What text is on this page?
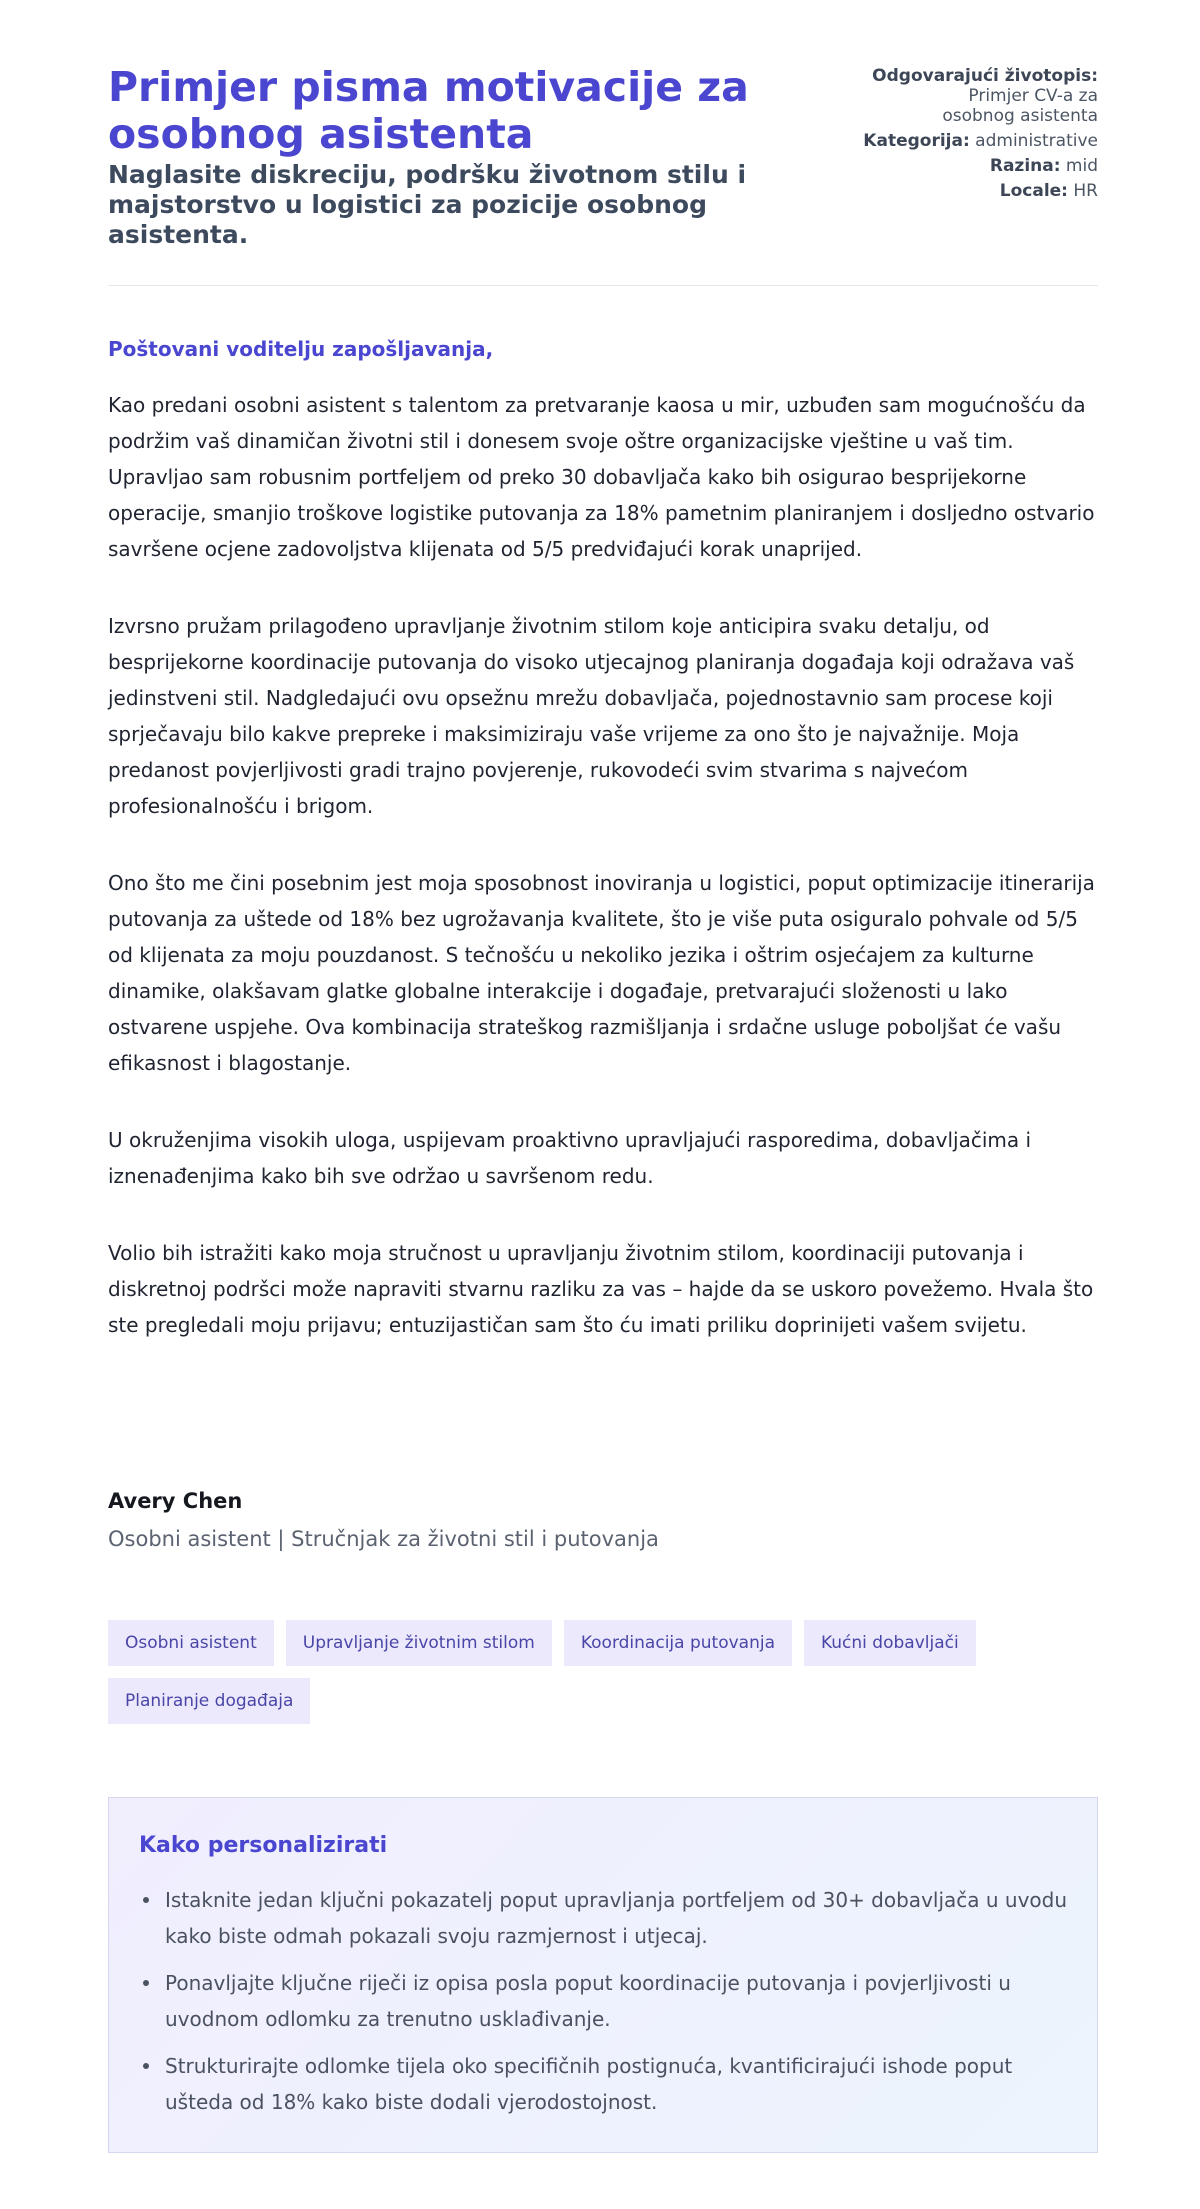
Primjer pisma motivacije za osobnog asistenta
Naglasite diskreciju, podršku životnom stilu i majstorstvo u logistici za pozicije osobnog asistenta.
Odgovarajući životopis:
Primjer CV-a za osobnog asistenta
Kategorija: administrative
Razina: mid
Locale: HR

Poštovani voditelju zapošljavanja,

Kao predani osobni asistent s talentom za pretvaranje kaosa u mir, uzbuđen sam mogućnošću da podržim vaš dinamičan životni stil i donesem svoje oštre organizacijske vještine u vaš tim. Upravljao sam robusnim portfeljem od preko 30 dobavljača kako bih osigurao besprijekorne operacije, smanjio troškove logistike putovanja za 18% pametnim planiranjem i dosljedno ostvario savršene ocjene zadovoljstva klijenata od 5/5 predviđajući korak unaprijed.

Izvrsno pružam prilagođeno upravljanje životnim stilom koje anticipira svaku detalju, od besprijekorne koordinacije putovanja do visoko utjecajnog planiranja događaja koji odražava vaš jedinstveni stil. Nadgledajući ovu opsežnu mrežu dobavljača, pojednostavnio sam procese koji sprječavaju bilo kakve prepreke i maksimiziraju vaše vrijeme za ono što je najvažnije. Moja predanost povjerljivosti gradi trajno povjerenje, rukovodeći svim stvarima s najvećom profesionalnošću i brigom.

Ono što me čini posebnim jest moja sposobnost inoviranja u logistici, poput optimizacije itinerarija putovanja za uštede od 18% bez ugrožavanja kvalitete, što je više puta osiguralo pohvale od 5/5 od klijenata za moju pouzdanost. S tečnošću u nekoliko jezika i oštrim osjećajem za kulturne dinamike, olakšavam glatke globalne interakcije i događaje, pretvarajući složenosti u lako ostvarene uspjehe. Ova kombinacija strateškog razmišljanja i srdačne usluge poboljšat će vašu efikasnost i blagostanje.

U okruženjima visokih uloga, uspijevam proaktivno upravljajući rasporedima, dobavljačima i iznenađenjima kako bih sve održao u savršenom redu.

Volio bih istražiti kako moja stručnost u upravljanju životnim stilom, koordinaciji putovanja i diskretnoj podršci može napraviti stvarnu razliku za vas – hajde da se uskoro povežemo. Hvala što ste pregledali moju prijavu; entuzijastičan sam što ću imati priliku doprinijeti vašem svijetu.

Avery Chen

Osobni asistent | Stručnjak za životni stil i putovanja

Osobni asistent	Upravljanje životnim stilom	Koordinacija putovanja	Kućni dobavljači
Planiranje događaja
Kako personalizirati
Istaknite jedan ključni pokazatelj poput upravljanja portfeljem od 30+ dobavljača u uvodu kako biste odmah pokazali svoju razmjernost i utjecaj.
Ponavljajte ključne riječi iz opisa posla poput koordinacije putovanja i povjerljivosti u uvodnom odlomku za trenutno usklađivanje.
Strukturirajte odlomke tijela oko specifičnih postignuća, kvantificirajući ishode poput ušteda od 18% kako biste dodali vjerodostojnost.
